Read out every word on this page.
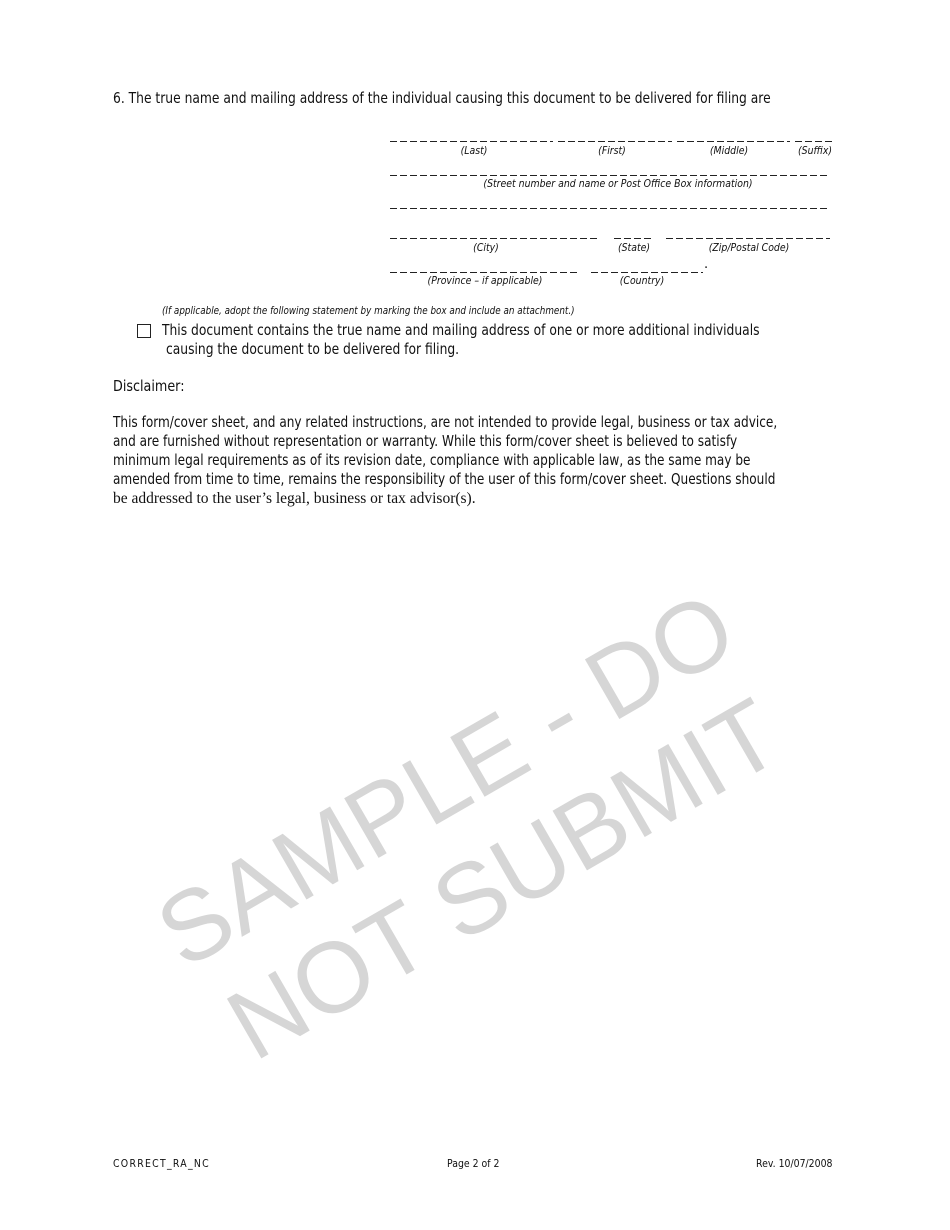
6. The true name and mailing address of the individual causing this document to be delivered for filing are
(Last)	(First)	(Middle)	(Suffix)
(Street number and name or Post Office Box information)
(City)	(State)	(Zip/Postal Code)
.
(Province – if applicable)	(Country)
(If applicable, adopt the following statement by marking the box and include an attachment.)
This document contains the true name and mailing address of one or more additional individuals
causing the document to be delivered for filing.
Disclaimer:
This form/cover sheet, and any related instructions, are not intended to provide legal, business or tax advice,
and are furnished without representation or warranty. While this form/cover sheet is believed to satisfy
minimum legal requirements as of its revision date, compliance with applicable law, as the same may be
amended from time to time, remains the responsibility of the user of this form/cover sheet. Questions should
be addressed to the user’s legal, business or tax advisor(s).
SAMPLE - DO NOT SUBMIT
CORRECT_RA_NC	Page 2 of 2	Rev. 10/07/2008
